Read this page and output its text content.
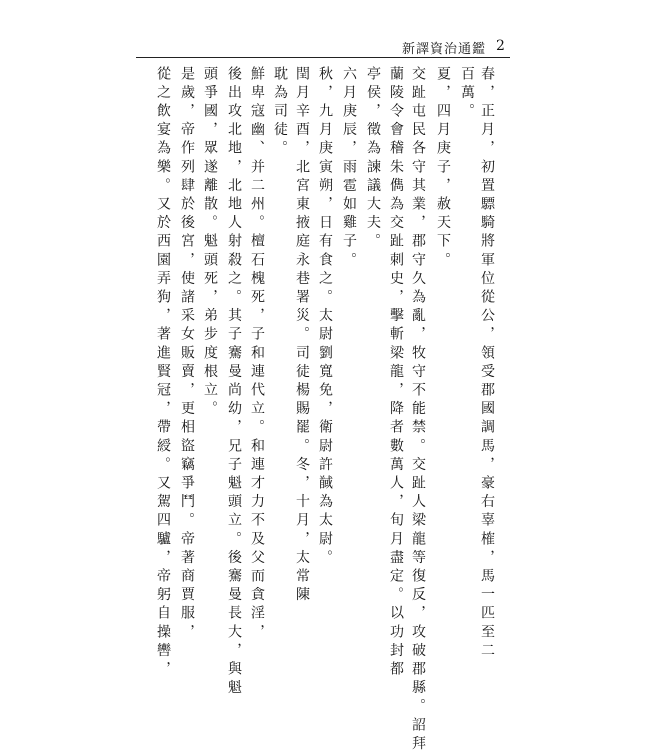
新譯資治通鑑 2
春，正月，初置驃騎將軍位從公，領受郡國調馬，豪右辜榷，馬一匹至二
百萬。
夏，四月庚子，赦天下。
交趾屯民各守其業，郡守久為亂，牧守不能禁。交趾人梁龍等復反，攻破郡縣。詔拜
蘭陵令會稽朱儁為交趾刺史，擊斬梁龍，降者數萬人，旬月盡定。以功封都
亭侯，徵為諫議大夫。
六月庚辰，雨雹如雞子。
秋，九月庚寅朔，日有食之。太尉劉寬免，衛尉許馘為太尉。
閏月辛酉，北宮東掖庭永巷署災。司徒楊賜罷。冬，十月，太常陳
耽為司徒。
鮮卑寇幽、并二州。檀石槐死，子和連代立。和連才力不及父而貪淫，
後出攻北地，北地人射殺之。其子騫曼尚幼，兄子魁頭立。後騫曼長大，與魁
頭爭國，眾遂離散。魁頭死，弟步度根立。
是歲，帝作列肆於後宮，使諸采女販賣，更相盜竊爭鬥。帝著商賈服，
從之飲宴為樂。又於西園弄狗，著進賢冠，帶綬。又駕四驢，帝躬自操轡，
